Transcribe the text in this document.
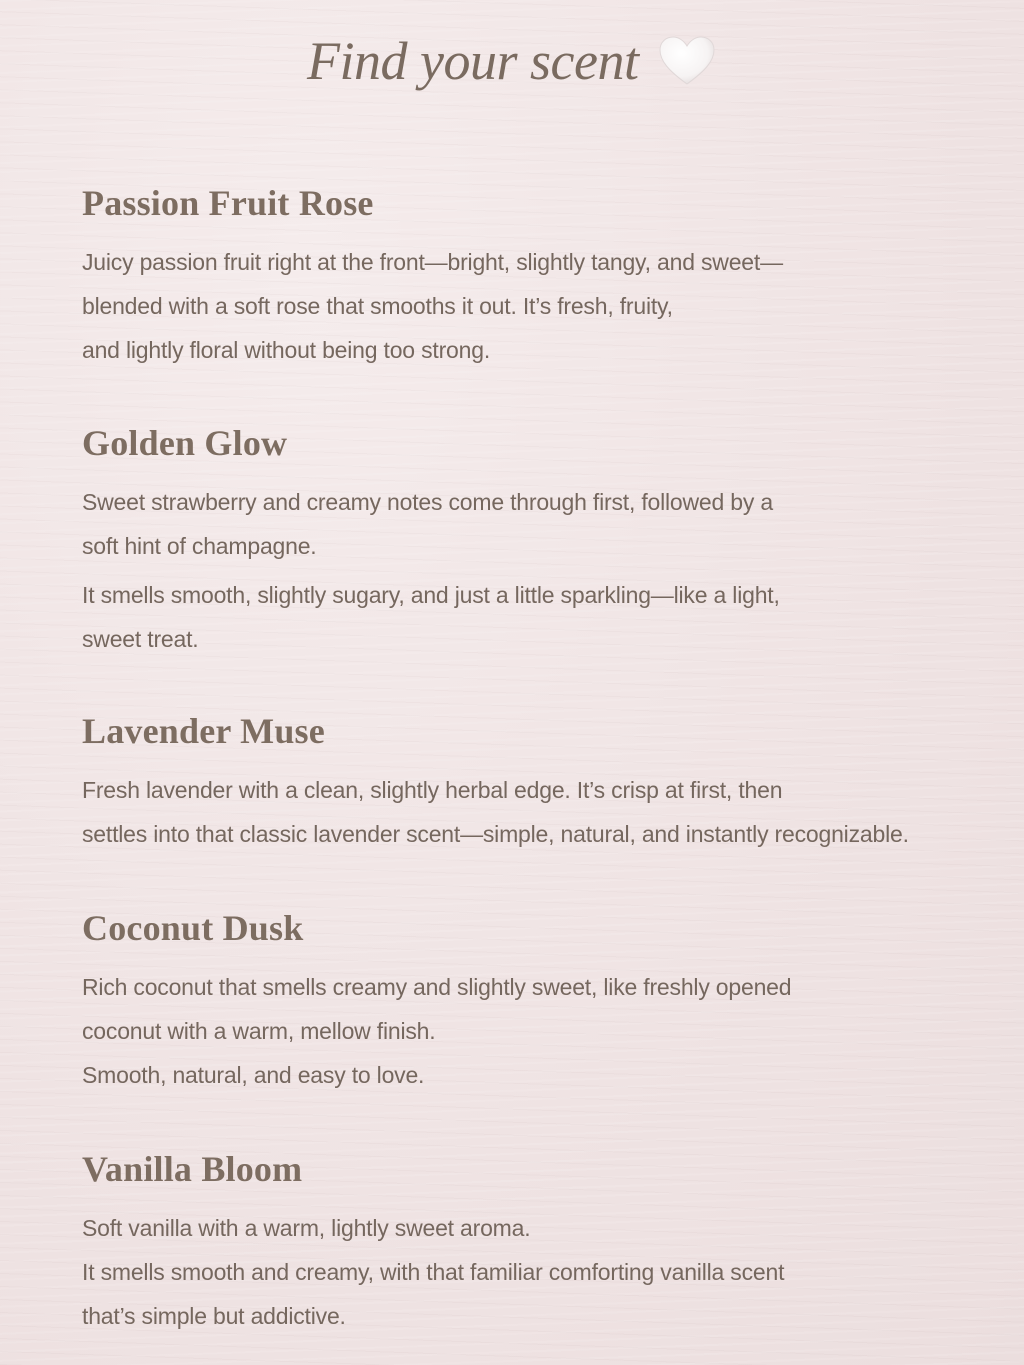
Find your scent
Passion Fruit Rose
Juicy passion fruit right at the front—bright, slightly tangy, and sweet—
blended with a soft rose that smooths it out. It’s fresh, fruity,
and lightly floral without being too strong.
Golden Glow
Sweet strawberry and creamy notes come through first, followed by a
soft hint of champagne.
It smells smooth, slightly sugary, and just a little sparkling—like a light,
sweet treat.
Lavender Muse
Fresh lavender with a clean, slightly herbal edge. It’s crisp at first, then
settles into that classic lavender scent—simple, natural, and instantly recognizable.
Coconut Dusk
Rich coconut that smells creamy and slightly sweet, like freshly opened
coconut with a warm, mellow finish.
Smooth, natural, and easy to love.
Vanilla Bloom
Soft vanilla with a warm, lightly sweet aroma.
It smells smooth and creamy, with that familiar comforting vanilla scent
that’s simple but addictive.
